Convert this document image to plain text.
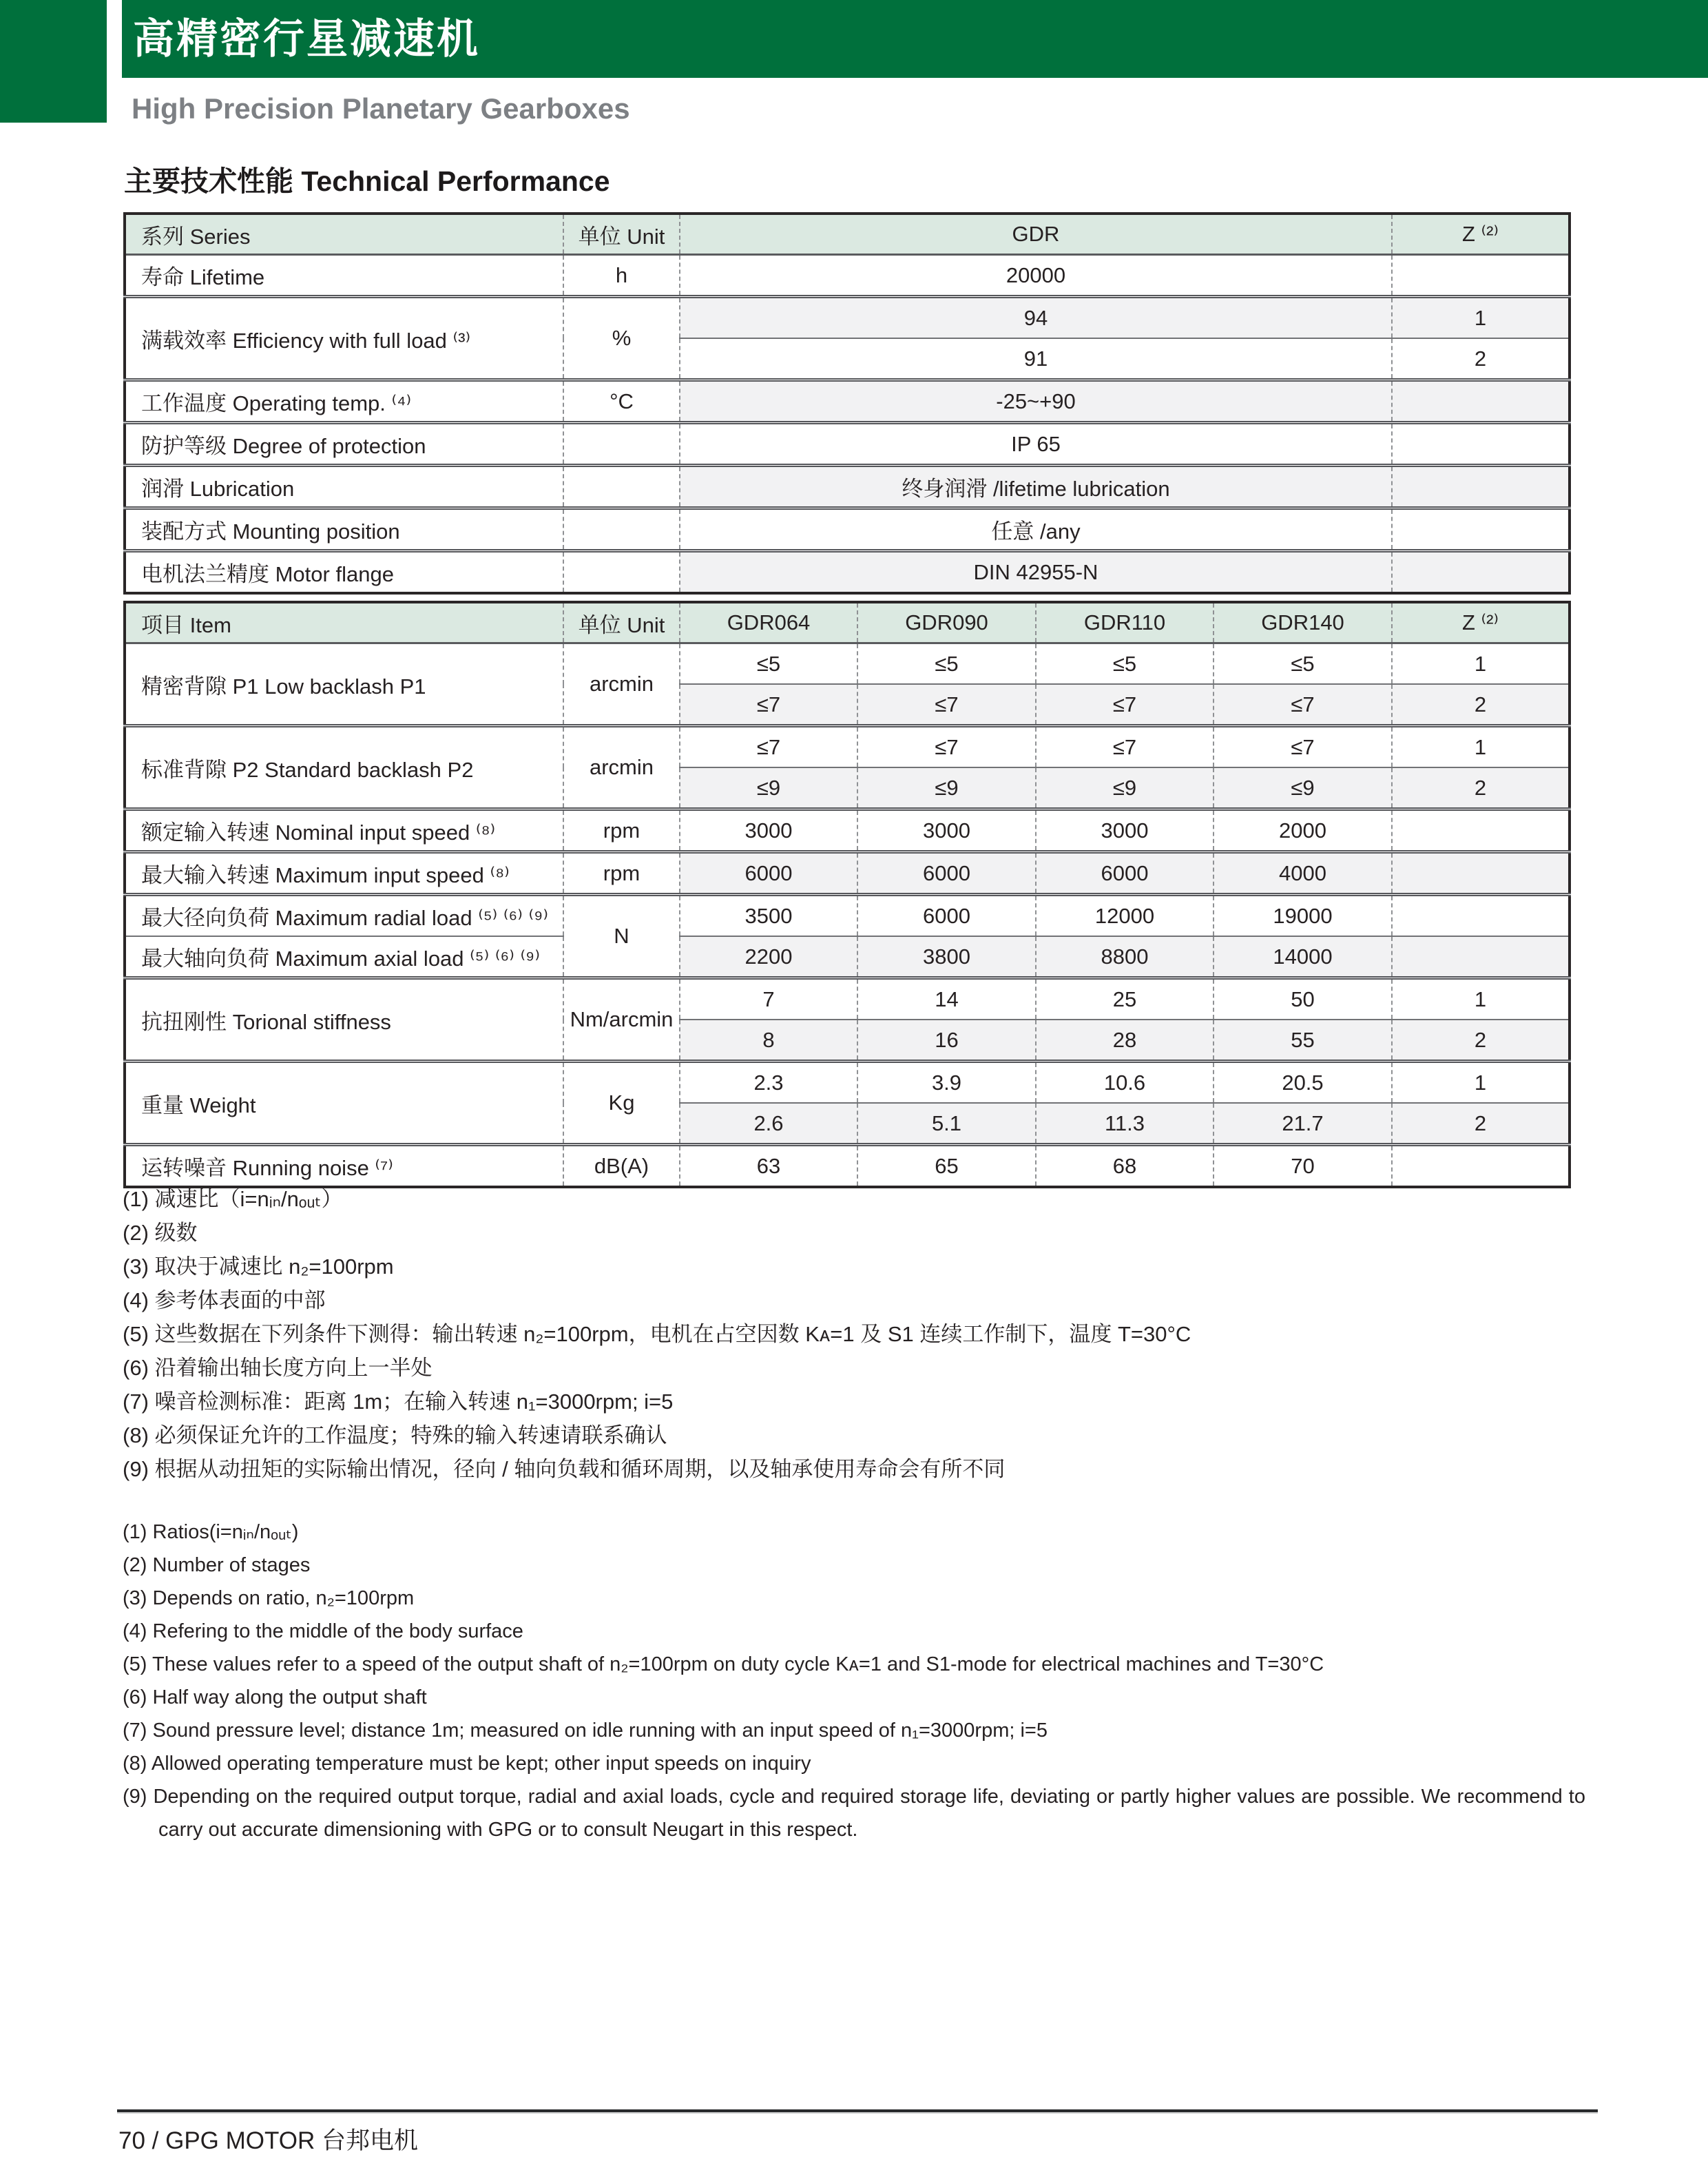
高精密行星减速机
High Precision Planetary Gearboxes
主要技术性能 Technical Performance
系列 Series	单位 Unit	GDR	Z ⁽²⁾
寿命 Lifetime	h	20000	
满载效率 Efficiency with full load ⁽³⁾	%	94	1
		91	2
工作温度 Operating temp. ⁽⁴⁾	°C	-25~+90	
防护等级 Degree of protection		IP 65	
润滑 Lubrication		终身润滑 /lifetime lubrication	
装配方式 Mounting position		任意 /any	
电机法兰精度 Motor flange		DIN 42955-N	
项目 Item	单位 Unit	GDR064	GDR090	GDR110	GDR140	Z ⁽²⁾
精密背隙 P1 Low backlash P1	arcmin	≤5	≤5	≤5	≤5	1
		≤7	≤7	≤7	≤7	2
标准背隙 P2 Standard backlash P2	arcmin	≤7	≤7	≤7	≤7	1
		≤9	≤9	≤9	≤9	2
额定输入转速 Nominal input speed ⁽⁸⁾	rpm	3000	3000	3000	2000	
最大输入转速 Maximum input speed ⁽⁸⁾	rpm	6000	6000	6000	4000	
最大径向负荷 Maximum radial load ⁽⁵⁾ ⁽⁶⁾ ⁽⁹⁾	N	3500	6000	12000	19000	
最大轴向负荷 Maximum axial load ⁽⁵⁾ ⁽⁶⁾ ⁽⁹⁾		2200	3800	8800	14000	
抗扭刚性 Torional stiffness	Nm/arcmin	7	14	25	50	1
		8	16	28	55	2
重量 Weight	Kg	2.3	3.9	10.6	20.5	1
		2.6	5.1	11.3	21.7	2
运转噪音 Running noise ⁽⁷⁾	dB(A)	63	65	68	70	
(1) 减速比（i=nᵢₙ/nₒᵤₜ）
(2) 级数
(3) 取决于减速比 n₂=100rpm
(4) 参考体表面的中部
(5) 这些数据在下列条件下测得：输出转速 n₂=100rpm，电机在占空因数 Kᴀ=1 及 S1 连续工作制下，温度 T=30°C
(6) 沿着输出轴长度方向上一半处
(7) 噪音检测标准：距离 1m；在输入转速 n₁=3000rpm; i=5
(8) 必须保证允许的工作温度；特殊的输入转速请联系确认
(9) 根据从动扭矩的实际输出情况，径向 / 轴向负载和循环周期，以及轴承使用寿命会有所不同
(1) Ratios(i=nᵢₙ/nₒᵤₜ)
(2) Number of stages
(3) Depends on ratio, n₂=100rpm
(4) Refering to the middle of the body surface
(5) These values refer to a speed of the output shaft of n₂=100rpm on duty cycle Kᴀ=1 and S1-mode for electrical machines and T=30°C
(6) Half way along the output shaft
(7) Sound pressure level; distance 1m; measured on idle running with an input speed of n₁=3000rpm; i=5
(8) Allowed operating temperature must be kept; other input speeds on inquiry
(9) Depending on the required output torque, radial and axial loads, cycle and required storage life, deviating or partly higher values are possible. We recommend to carry out accurate dimensioning with GPG or to consult Neugart in this respect.
70 / GPG MOTOR 台邦电机
